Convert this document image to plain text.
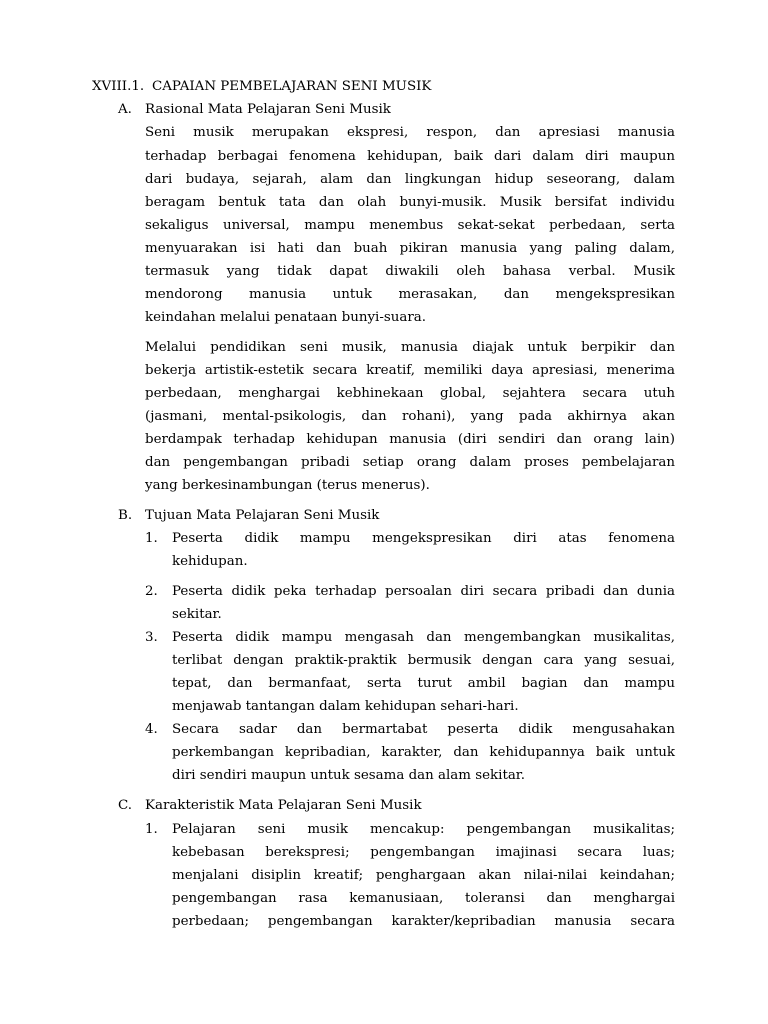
XVIII.1. CAPAIAN PEMBELAJARAN SENI MUSIK
A. Rasional Mata Pelajaran Seni Musik
Seni musik merupakan ekspresi, respon, dan apresiasi manusia
terhadap berbagai fenomena kehidupan, baik dari dalam diri maupun
dari budaya, sejarah, alam dan lingkungan hidup seseorang, dalam
beragam bentuk tata dan olah bunyi-musik. Musik bersifat individu
sekaligus universal, mampu menembus sekat-sekat perbedaan, serta
menyuarakan isi hati dan buah pikiran manusia yang paling dalam,
termasuk yang tidak dapat diwakili oleh bahasa verbal. Musik
mendorong manusia untuk merasakan, dan mengekspresikan
keindahan melalui penataan bunyi-suara.
Melalui pendidikan seni musik, manusia diajak untuk berpikir dan
bekerja artistik-estetik secara kreatif, memiliki daya apresiasi, menerima
perbedaan, menghargai kebhinekaan global, sejahtera secara utuh
(jasmani, mental-psikologis, dan rohani), yang pada akhirnya akan
berdampak terhadap kehidupan manusia (diri sendiri dan orang lain)
dan pengembangan pribadi setiap orang dalam proses pembelajaran
yang berkesinambungan (terus menerus).
B. Tujuan Mata Pelajaran Seni Musik
1. Peserta didik mampu mengekspresikan diri atas fenomena
kehidupan.
2. Peserta didik peka terhadap persoalan diri secara pribadi dan dunia
sekitar.
3. Peserta didik mampu mengasah dan mengembangkan musikalitas,
terlibat dengan praktik-praktik bermusik dengan cara yang sesuai,
tepat, dan bermanfaat, serta turut ambil bagian dan mampu
menjawab tantangan dalam kehidupan sehari-hari.
4. Secara sadar dan bermartabat peserta didik mengusahakan
perkembangan kepribadian, karakter, dan kehidupannya baik untuk
diri sendiri maupun untuk sesama dan alam sekitar.
C. Karakteristik Mata Pelajaran Seni Musik
1. Pelajaran seni musik mencakup: pengembangan musikalitas;
kebebasan berekspresi; pengembangan imajinasi secara luas;
menjalani disiplin kreatif; penghargaan akan nilai-nilai keindahan;
pengembangan rasa kemanusiaan, toleransi dan menghargai
perbedaan; pengembangan karakter/kepribadian manusia secara
